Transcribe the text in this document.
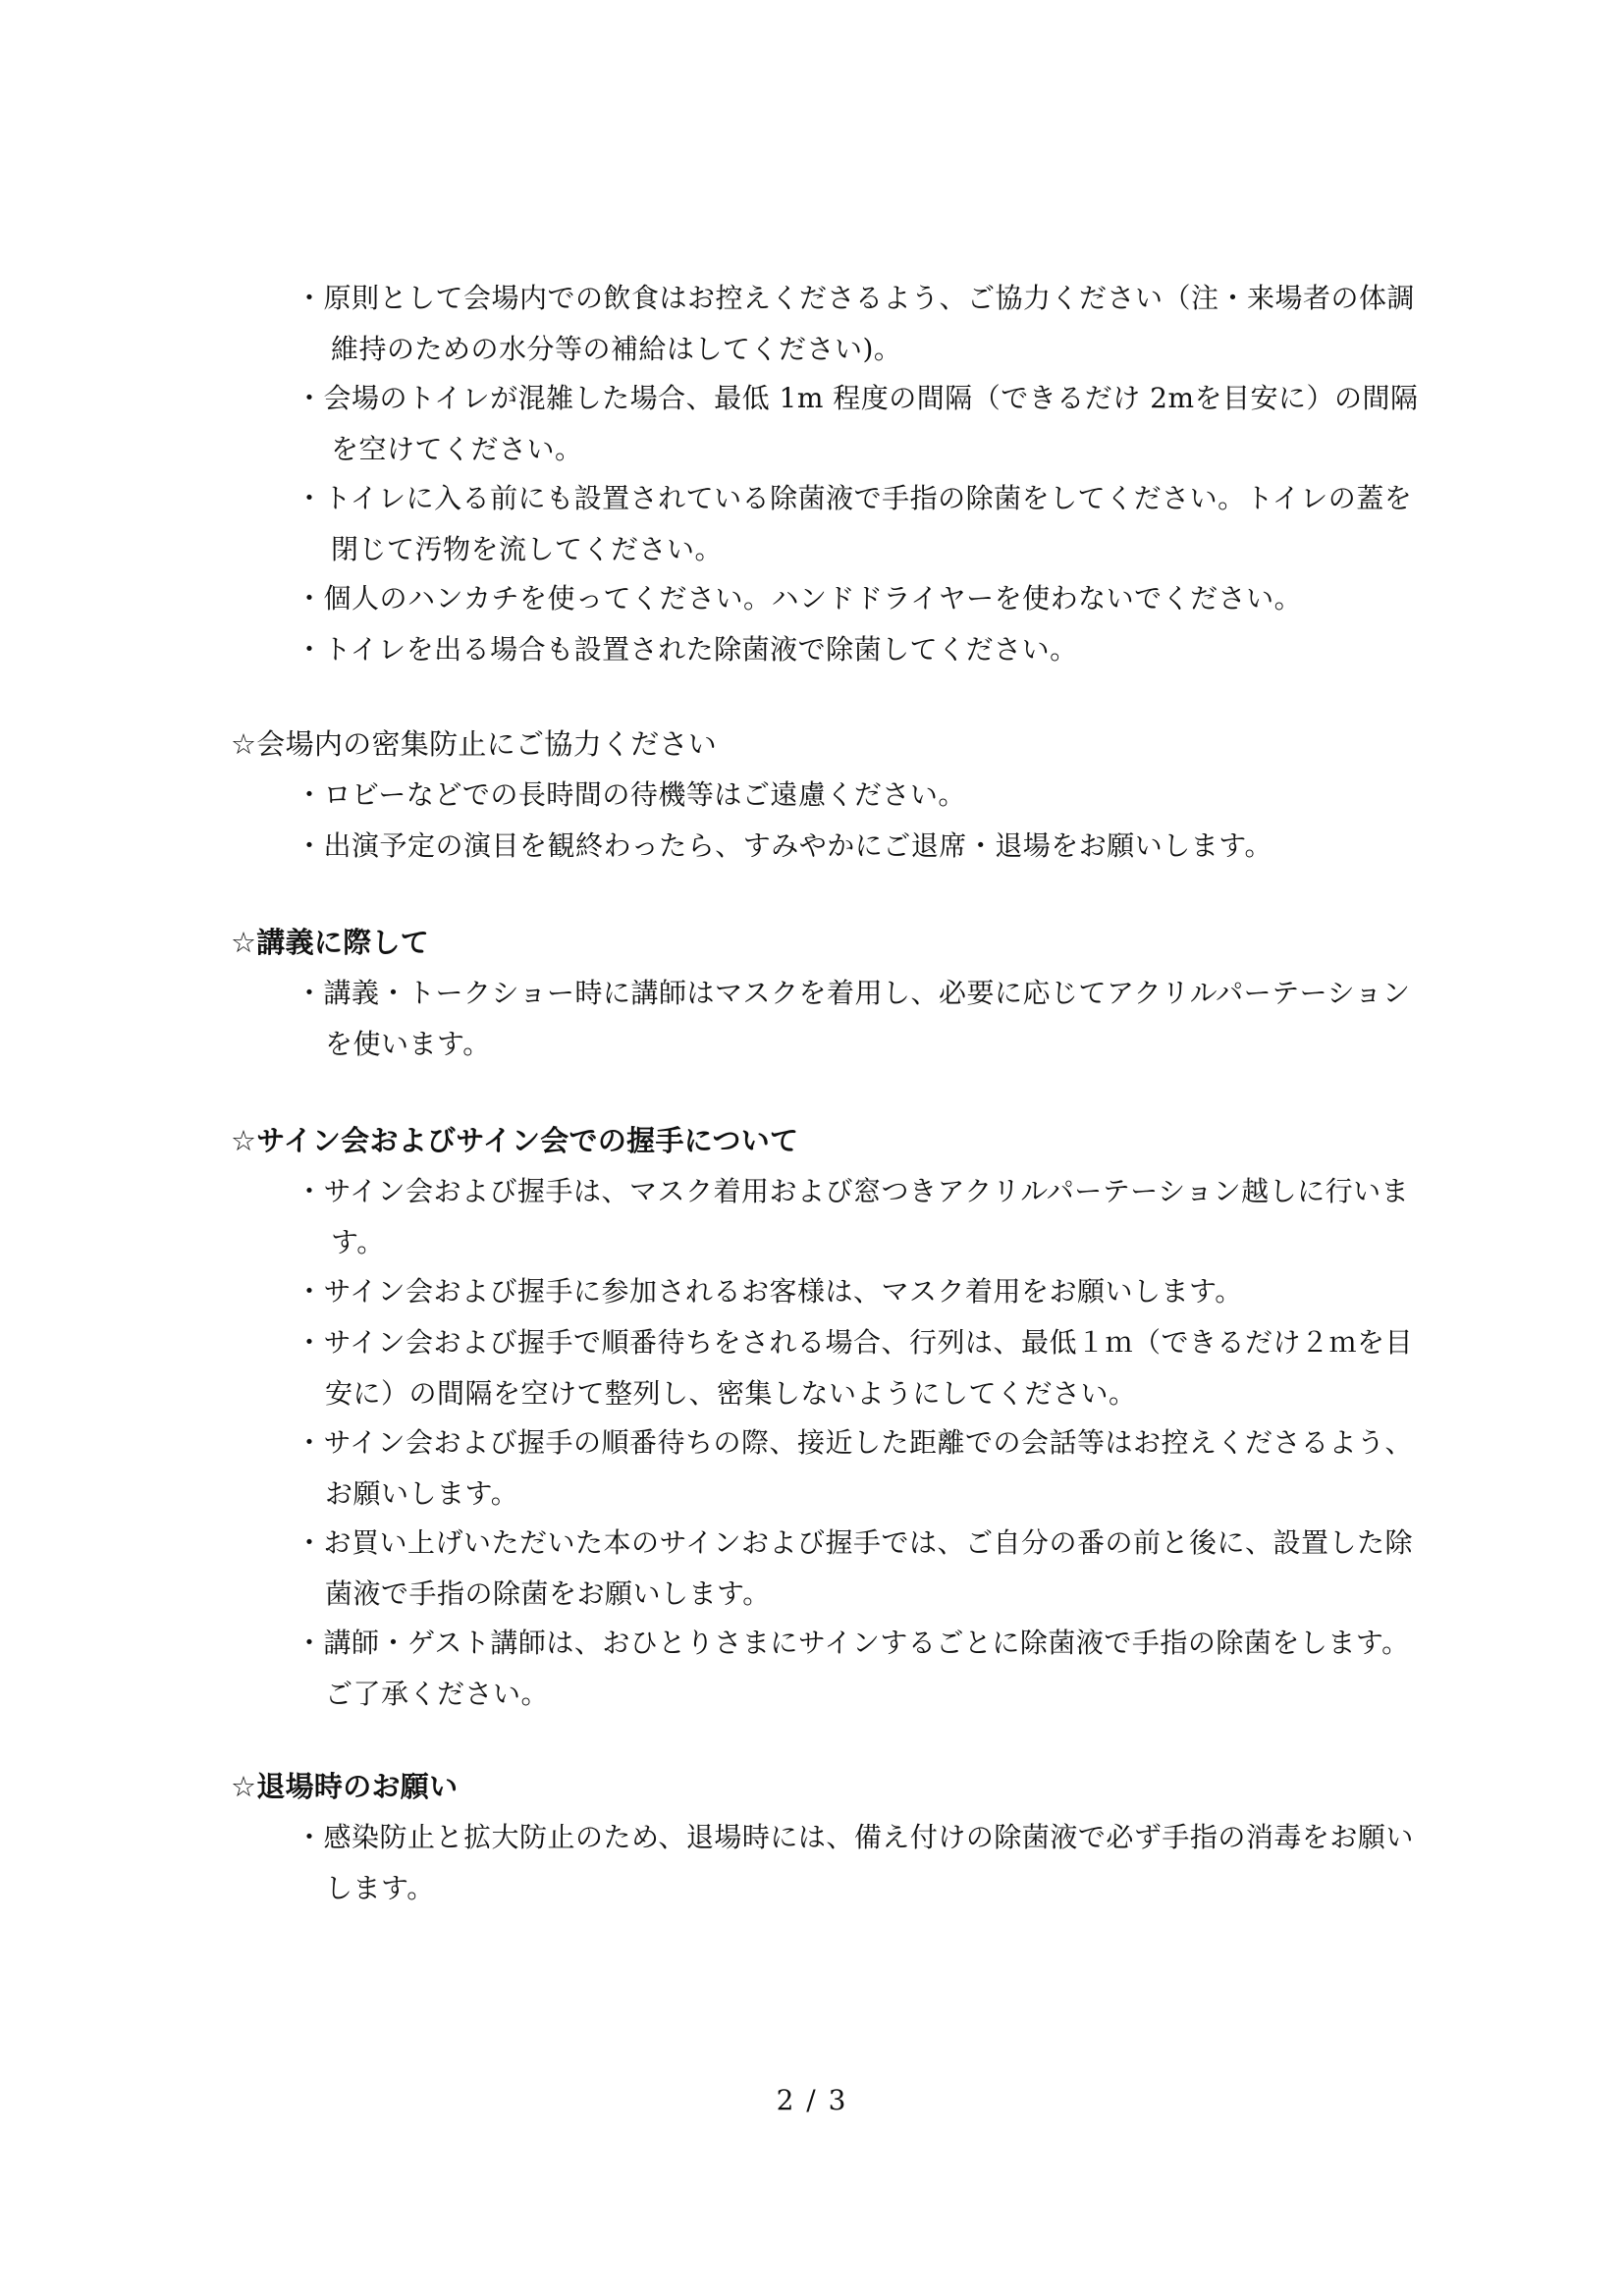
・原則として会場内での飲食はお控えくださるよう、ご協力ください（注・来場者の体調維持のための水分等の補給はしてください)。
・会場のトイレが混雑した場合、最低 1m 程度の間隔（できるだけ 2mを目安に）の間隔を空けてください。
・トイレに入る前にも設置されている除菌液で手指の除菌をしてください。トイレの蓋を閉じて汚物を流してください。
・個人のハンカチを使ってください。ハンドドライヤーを使わないでください。
・トイレを出る場合も設置された除菌液で除菌してください。
☆会場内の密集防止にご協力ください
・ロビーなどでの長時間の待機等はご遠慮ください。
・出演予定の演目を観終わったら、すみやかにご退席・退場をお願いします。
☆講義に際して
・講義・トークショー時に講師はマスクを着用し、必要に応じてアクリルパーテーションを使います。
☆サイン会およびサイン会での握手について
・サイン会および握手は、マスク着用および窓つきアクリルパーテーション越しに行います。
・サイン会および握手に参加されるお客様は、マスク着用をお願いします。
・サイン会および握手で順番待ちをされる場合、行列は、最低１ｍ（できるだけ２ｍを目安に）の間隔を空けて整列し、密集しないようにしてください。
・サイン会および握手の順番待ちの際、接近した距離での会話等はお控えくださるよう、お願いします。
・お買い上げいただいた本のサインおよび握手では、ご自分の番の前と後に、設置した除菌液で手指の除菌をお願いします。
・講師・ゲスト講師は、おひとりさまにサインするごとに除菌液で手指の除菌をします。ご了承ください。
☆退場時のお願い
・感染防止と拡大防止のため、退場時には、備え付けの除菌液で必ず手指の消毒をお願いします。
2 / 3
